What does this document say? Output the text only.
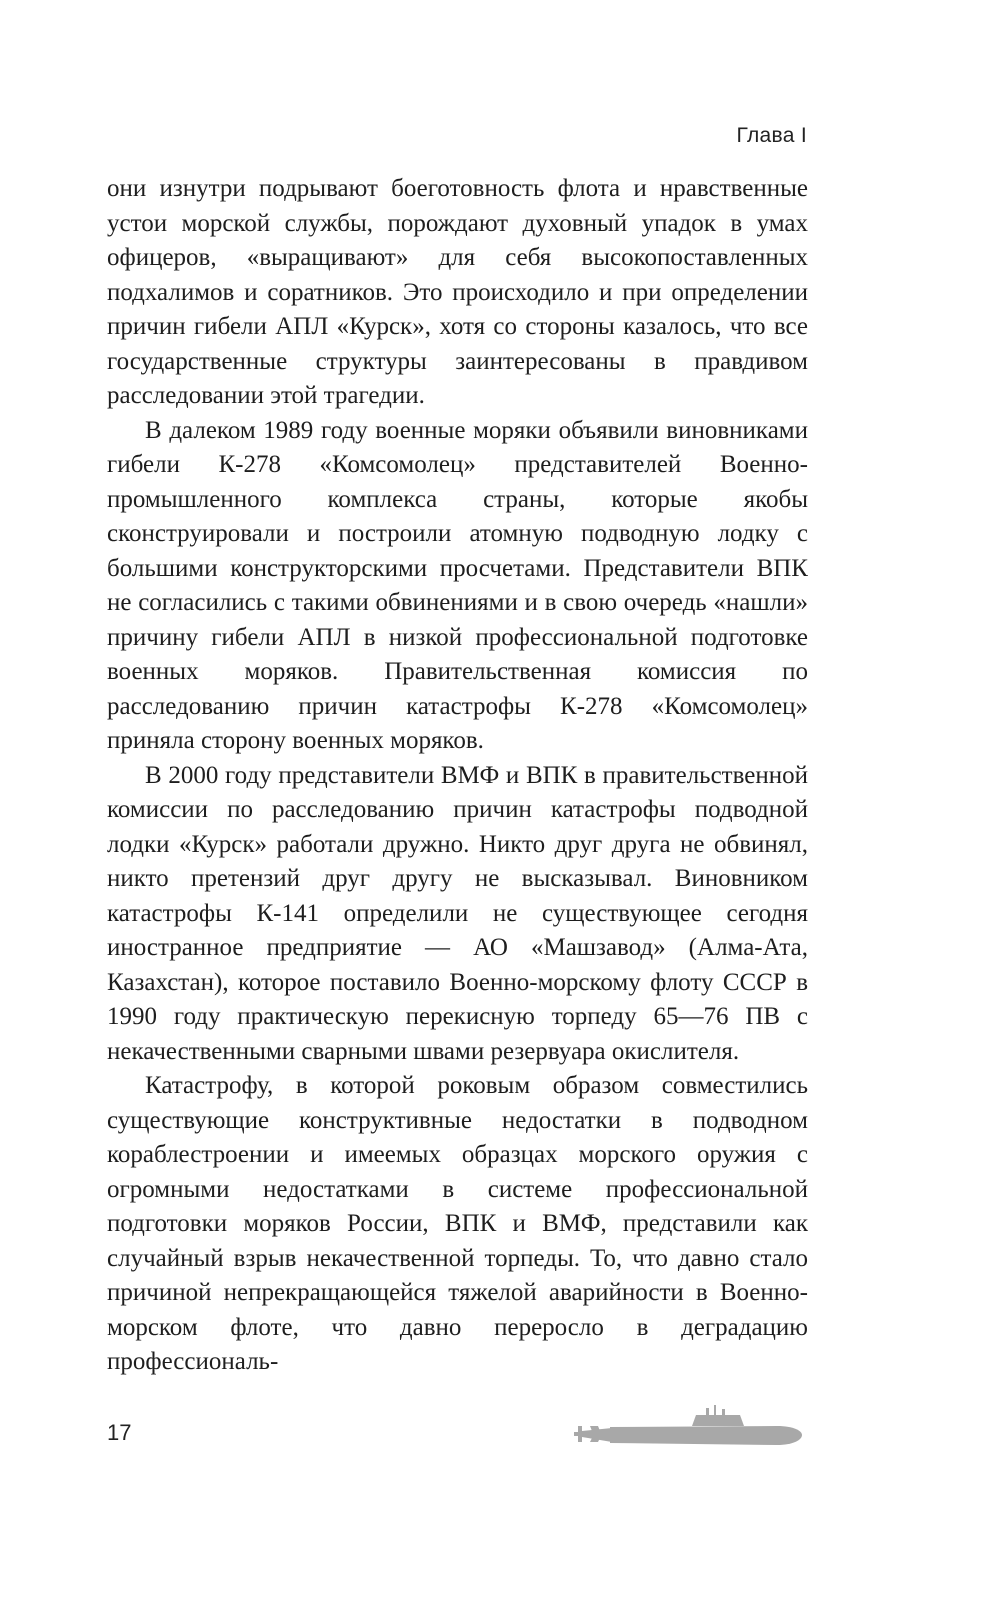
Глава I

они изнутри подрывают боеготовность флота и нравственные устои морской службы, порождают духовный упадок в умах офицеров, «выращивают» для себя высокопоставленных подхалимов и соратников. Это происходило и при определении причин гибели АПЛ «Курск», хотя со стороны казалось, что все государственные структуры заинтересованы в правдивом расследовании этой трагедии.

В далеком 1989 году военные моряки объявили виновниками гибели К-278 «Комсомолец» представителей Военно-промышленного комплекса страны, которые якобы сконструировали и построили атомную подводную лодку с большими конструкторскими просчетами. Представители ВПК не согласились с такими обвинениями и в свою очередь «нашли» причину гибели АПЛ в низкой профессиональной подготовке военных моряков. Правительственная комиссия по расследованию причин катастрофы К-278 «Комсомолец» приняла сторону военных моряков.

В 2000 году представители ВМФ и ВПК в правительственной комиссии по расследованию причин катастрофы подводной лодки «Курск» работали дружно. Никто друг друга не обвинял, никто претензий друг другу не высказывал. Виновником катастрофы К-141 определили не существующее сегодня иностранное предприятие — АО «Машзавод» (Алма-Ата, Казахстан), которое поставило Военно-морскому флоту СССР в 1990 году практическую перекисную торпеду 65—76 ПВ с некачественными сварными швами резервуара окислителя.

Катастрофу, в которой роковым образом совместились существующие конструктивные недостатки в подводном кораблестроении и имеемых образцах морского оружия с огромными недостатками в системе профессиональной подготовки моряков России, ВПК и ВМФ, представили как случайный взрыв некачественной торпеды. То, что давно стало причиной непрекращающейся тяжелой аварийности в Военно-морском флоте, что давно переросло в деградацию профессиональ-

17
